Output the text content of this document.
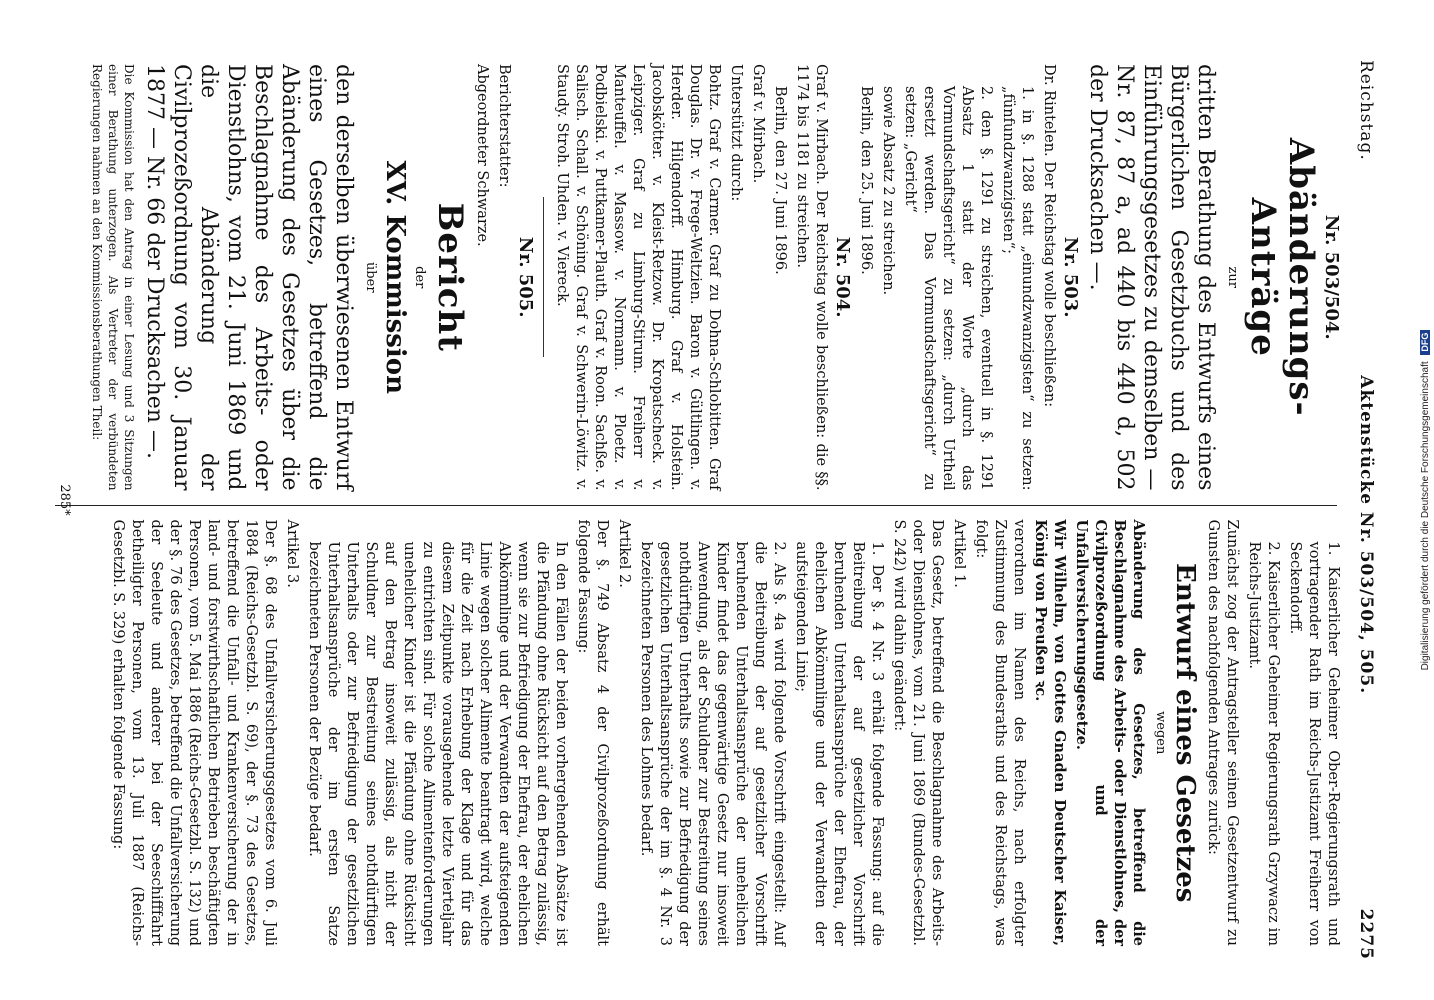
Reichstag.
Aktenstücke Nr. 503/504, 505.
2275
Nr. 503/504.
Abänderungs-Anträge
zur
dritten Berathung des Entwurfs eines Bürgerlichen Gesetzbuchs und des Einführungsgesetzes zu demselben — Nr. 87, 87 a, ad 440 bis 440 d, 502 der Drucksachen —.
Nr. 503.
Dr. Rintelen. Der Reichstag wolle beschließen:
1. in §. 1288 statt „einundzwanzigsten“ zu setzen: „fünfundzwanzigsten“;
2. den §. 1291 zu streichen, eventuell in §. 1291 Absatz 1 statt der Worte „durch das Vormundschaftsgericht“ zu setzen: „durch Urtheil ersetzt werden. Das Vormundschaftsgericht“ zu setzen: „Gericht“
sowie Absatz 2 zu streichen.
Berlin, den 25. Juni 1896.
Nr. 504.
Graf v. Mirbach. Der Reichstag wolle beschließen: die §§. 1174 bis 1181 zu streichen.
Berlin, den 27. Juni 1896.
Graf v. Mirbach.
Unterstützt durch:
Bohtz. Graf v. Carmer. Graf zu Dohna-Schlobitten. Graf Douglas. Dr. v. Frege-Weltzien. Baron v. Gültlingen. v. Herder. Hilgendorff. Himburg. Graf v. Holstein. Jacobskötter. v. Kleist-Retzow. Dr. Kropatscheck. v. Leipziger. Graf zu Limburg-Stirum. Freiherr v. Manteuffel. v. Massow. v. Normann. v. Ploetz. v. Podbielski. v. Puttkamer-Plauth. Graf v. Roon. Sachße. v. Salisch. Schall. v. Schöning. Graf v. Schwerin-Löwitz. v. Staudy. Stroh. Uhden. v. Viereck.
Nr. 505.
Berichterstatter:
Abgeordneter Schwarze.
Bericht
der
XV. Kommission
über
den derselben überwiesenen Entwurf eines Gesetzes, betreffend die Abänderung des Gesetzes über die Beschlagnahme des Arbeits- oder Dienstlohns, vom 21. Juni 1869 und die Abänderung der Civilprozeßordnung vom 30. Januar 1877 — Nr. 66 der Drucksachen —.
Die Kommission hat den Antrag in einer Lesung und 3 Sitzungen einer Berathung unterzogen. Als Vertreter der verbündeten Regierungen nahmen an den Kommissionsberathungen Theil:
1. Kaiserlicher Geheimer Ober-Regierungsrath und vortragender Rath im Reichs-Justizamt Freiherr von Seckendorff.
2. Kaiserlicher Geheimer Regierungsrath Grzywacz im Reichs-Justizamt.
Zunächst zog der Antragsteller seinen Gesetzentwurf zu Gunsten des nachfolgenden Antrages zurück:
Entwurf eines Gesetzes
wegen
Abänderung des Gesetzes, betreffend die Beschlagnahme des Arbeits- oder Dienstlohnes, der Civilprozeßordnung und der Unfallversicherungsgesetze.
Wir Wilhelm, von Gottes Gnaden Deutscher Kaiser, König von Preußen ꝛc.
verordnen im Namen des Reichs, nach erfolgter Zustimmung des Bundesraths und des Reichstags, was folgt:
Artikel 1.
Das Gesetz, betreffend die Beschlagnahme des Arbeits- oder Dienstlohnes, vom 21. Juni 1869 (Bundes-Gesetzbl. S. 242) wird dahin geändert:
1. Der §. 4 Nr. 3 erhält folgende Fassung: auf die Beitreibung der auf gesetzlicher Vorschrift beruhenden Unterhaltsansprüche der Ehefrau, der ehelichen Abkömmlinge und der Verwandten der aufsteigenden Linie;
2. Als §. 4a wird folgende Vorschrift eingestellt: Auf die Beitreibung der auf gesetzlicher Vorschrift beruhenden Unterhaltsansprüche der unehelichen Kinder findet das gegenwärtige Gesetz nur insoweit Anwendung, als der Schuldner zur Bestreitung seines nothdürftigen Unterhalts sowie zur Befriedigung der gesetzlichen Unterhaltsansprüche der im §. 4 Nr. 3 bezeichneten Personen des Lohnes bedarf.
Artikel 2.
Der §. 749 Absatz 4 der Civilprozeßordnung erhält folgende Fassung:
In den Fällen der beiden vorhergehenden Absätze ist die Pfändung ohne Rücksicht auf den Betrag zulässig, wenn sie zur Befriedigung der Ehefrau, der ehelichen Abkömmlinge und der Verwandten der aufsteigenden Linie wegen solcher Alimente beantragt wird, welche für die Zeit nach Erhebung der Klage und für das diesem Zeitpunkte vorausgehende letzte Vierteljahr zu entrichten sind. Für solche Alimentenforderungen unehelicher Kinder ist die Pfändung ohne Rücksicht auf den Betrag insoweit zulässig, als nicht der Schuldner zur Bestreitung seines nothdürftigen Unterhalts oder zur Befriedigung der gesetzlichen Unterhaltsansprüche der im ersten Satze bezeichneten Personen der Bezüge bedarf.
Artikel 3.
Der §. 68 des Unfallversicherungsgesetzes vom 6. Juli 1884 (Reichs-Gesetzbl. S. 69), der §. 73 des Gesetzes, betreffend die Unfall- und Krankenversicherung der in land- und forstwirthschaftlichen Betrieben beschäftigten Personen, vom 5. Mai 1886 (Reichs-Gesetzbl. S. 132) und der §. 76 des Gesetzes, betreffend die Unfallversicherung der Seeleute und anderer bei der Seeschifffahrt betheiligter Personen, vom 13. Juli 1887 (Reichs-Gesetzbl. S. 329) erhalten folgende Fassung:
285*	Digitalisierung gefördert durch die Deutsche Forschungsgemeinschaft DFG
